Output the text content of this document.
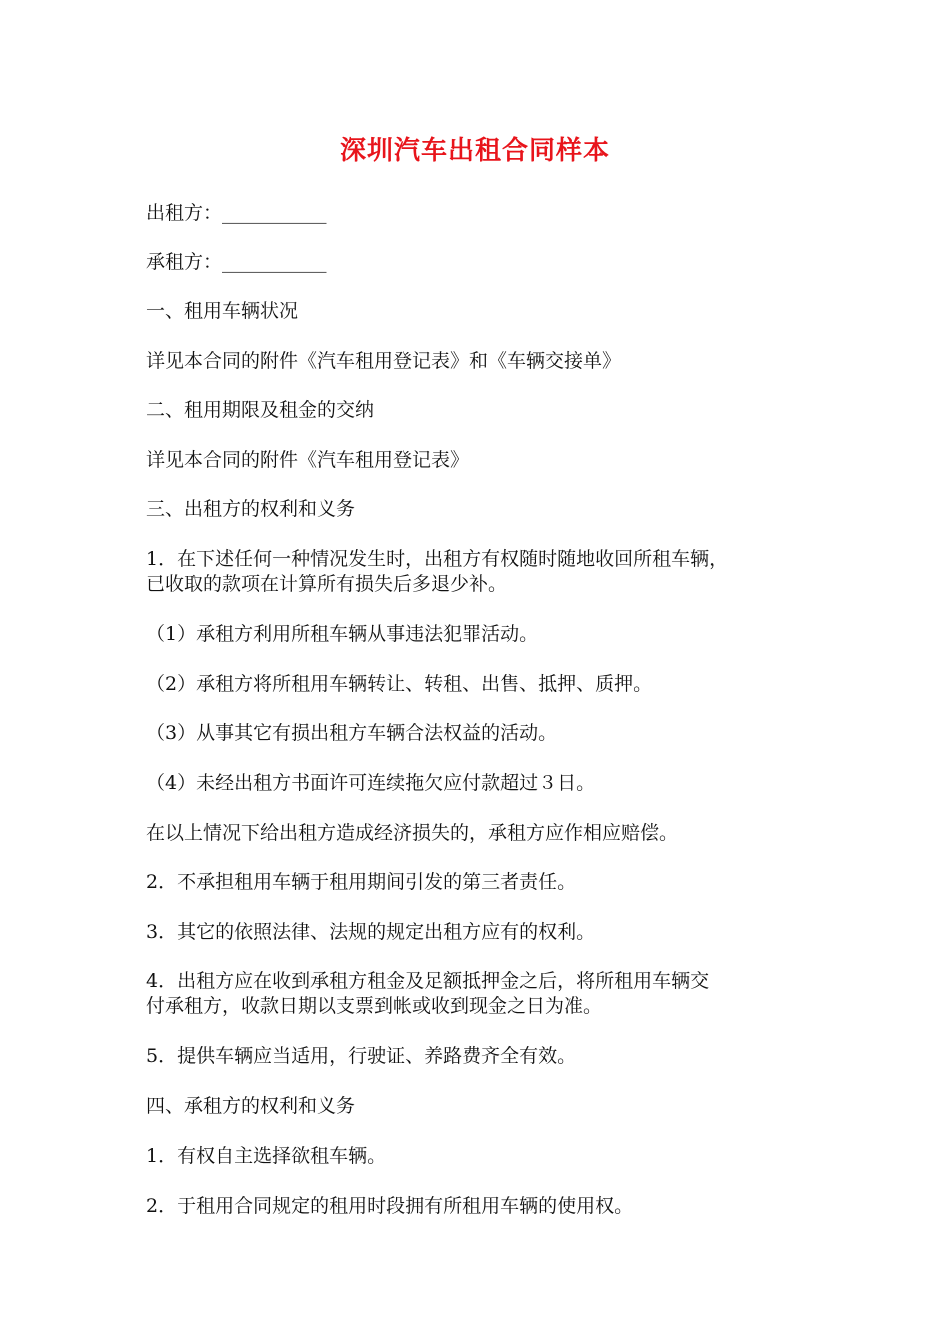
深圳汽车出租合同样本
出租方：___________
承租方：___________
一、租用车辆状况
详见本合同的附件《汽车租用登记表》和《车辆交接单》
二、租用期限及租金的交纳
详见本合同的附件《汽车租用登记表》
三、出租方的权利和义务
1．在下述任何一种情况发生时，出租方有权随时随地收回所租车辆，
已收取的款项在计算所有损失后多退少补。
（1）承租方利用所租车辆从事违法犯罪活动。
（2）承租方将所租用车辆转让、转租、出售、抵押、质押。
（3）从事其它有损出租方车辆合法权益的活动。
（4）未经出租方书面许可连续拖欠应付款超过３日。
在以上情况下给出租方造成经济损失的，承租方应作相应赔偿。
2．不承担租用车辆于租用期间引发的第三者责任。
3．其它的依照法律、法规的规定出租方应有的权利。
4．出租方应在收到承租方租金及足额抵押金之后，将所租用车辆交
付承租方，收款日期以支票到帐或收到现金之日为准。
5．提供车辆应当适用，行驶证、养路费齐全有效。
四、承租方的权利和义务
1．有权自主选择欲租车辆。
2．于租用合同规定的租用时段拥有所租用车辆的使用权。
